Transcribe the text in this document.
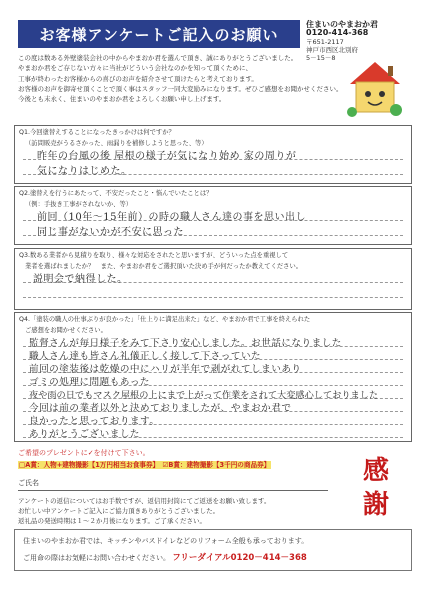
お客様アンケートご記入のお願い
住まいのやまおか君
0120-414-368
〒651-2117
神戸市西区北別府
5－15－8
この度は数ある外壁塗装会社の中からやまおか君を選んで頂き、誠にありがとうございました。
やまおか君をご存じない方々に当社がどういう会社なのかを知って頂くために、
工事が終わったお客様からの喜びのお声を紹介させて頂けたらと考えております。
お客様のお声を御寄せ頂くことで頂く事はスタッフ一同大変励みになります。ぜひご感想をお聞かせください。
今後とも末永く、住まいのやまおか君をよろしくお願い申し上げます。
Q1.今回塗替えすることになったきっかけは何ですか？
（訪問販売がうるさかった、雨漏りを補修しようと思った、等）
昨年の台風の後 屋根の様子が気になり始め 家の周りが
気になりはじめた。
Q2.塗替えを行うにあたって、不安だったこと・悩んでいたことは？
（例：手抜き工事がされないか、等）
前回（10年～15年前）の時の職人さん達の事を思い出し
同じ事がないかが不安に思った
Q3.数ある業者から見積りを取り、様々な対応をされたと思いますが、どういった点を重視して
業者を選ばれましたか？　また、やまおか君をご選択頂いた決め手が何だったか教えてください。
説明会で納得した。
Q4.「塗装の職人の仕事ぶりが良かった」「仕上りに満足出来た」など、やまおか君で工事を終えられた
ご感想をお聞かせください。
監督さんが毎日様子をみて下さり安心しました。お世話になりました
職人さん達も皆さん礼儀正しく接して下さっていた
前回の塗装後は乾燥の中にハリが半年で剥がれてしまいあり
ゴミの処理に問題もあった
夜や雨の日でもマスク屋根の上にまで上がって作業をされて大変感心しておりました
今回は前の業者以外と決めておりましたが、やまおか君で
良かったと思っております。
ありがとうございました
ご希望のプレゼントに✓を付けて下さい。
□A賞：人物+建物撮影【1万円相当お食事券】　☑B賞：建物撮影【3千円の商品券】
ご氏名	感
謝
アンケートの返信についてはお手数ですが、返信用封筒にてご返送をお願い致します。
お忙しい中アンケートご記入にご協力頂きありがとうございました。
返礼品の発送時期は１～２か月後になります。ご了承ください。
住まいのやまおか君では、キッチンやバスドイレなどのリフォーム全般も承っております。
ご用命の際はお気軽にお問い合わせください。 フリーダイアル0120－414－368
